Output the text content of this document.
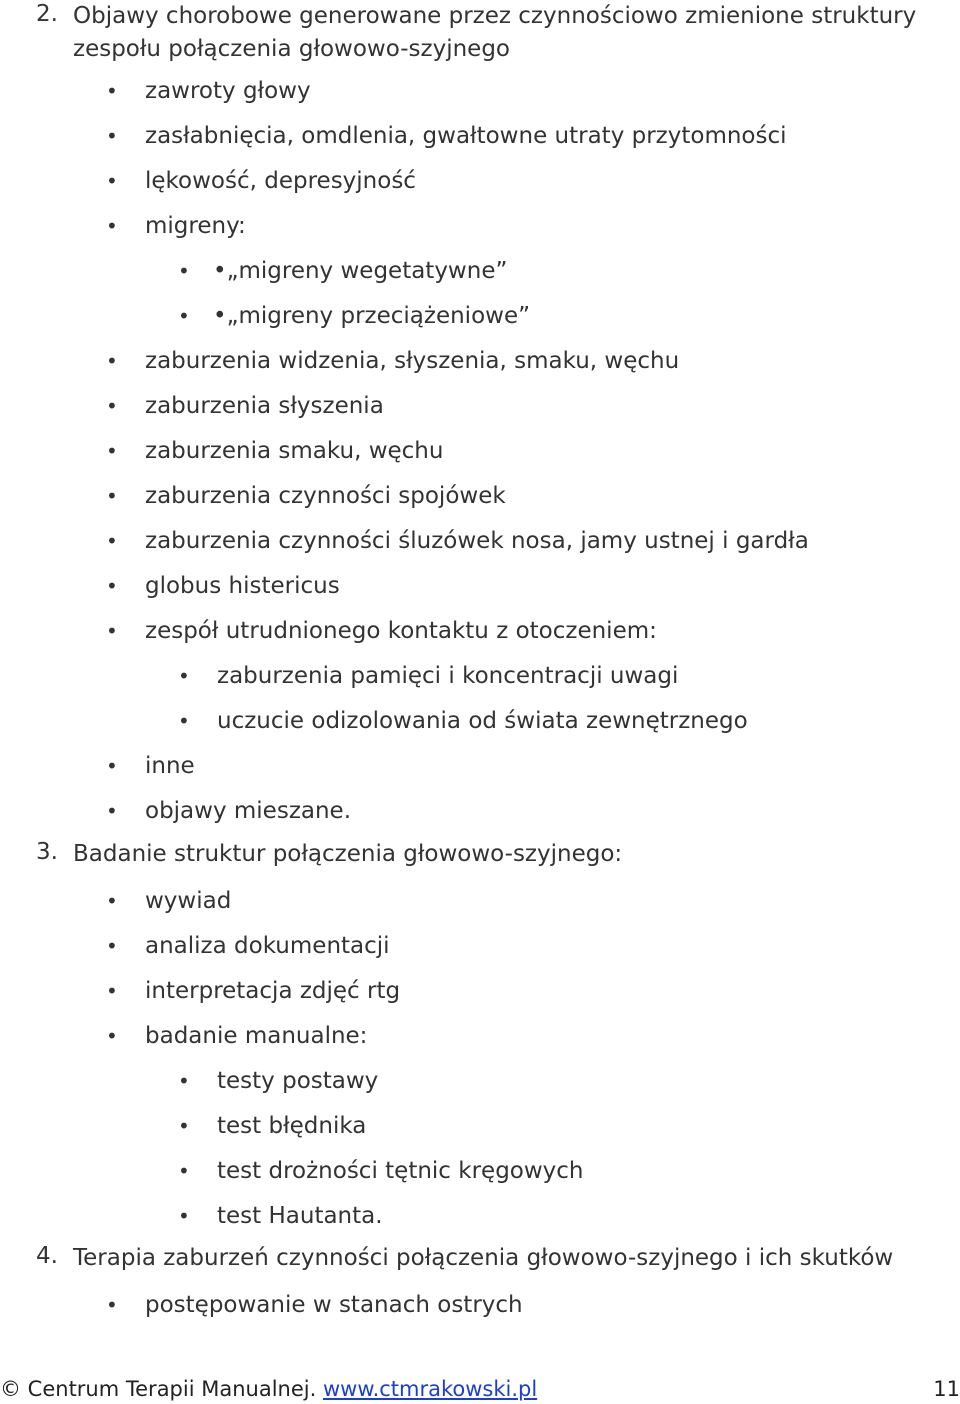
2. Objawy chorobowe generowane przez czynnościowo zmienione struktury zespołu połączenia głowowo-szyjnego
• zawroty głowy
• zasłabnięcia, omdlenia, gwałtowne utraty przytomności
• lękowość, depresyjność
• migreny:
• •„migreny wegetatywne”
• •„migreny przeciążeniowe”
• zaburzenia widzenia, słyszenia, smaku, węchu
• zaburzenia słyszenia
• zaburzenia smaku, węchu
• zaburzenia czynności spojówek
• zaburzenia czynności śluzówek nosa, jamy ustnej i gardła
• globus histericus
• zespół utrudnionego kontaktu z otoczeniem:
• zaburzenia pamięci i koncentracji uwagi
• uczucie odizolowania od świata zewnętrznego
• inne
• objawy mieszane.
3. Badanie struktur połączenia głowowo-szyjnego:
• wywiad
• analiza dokumentacji
• interpretacja zdjęć rtg
• badanie manualne:
• testy postawy
• test błędnika
• test drożności tętnic kręgowych
• test Hautanta.
4. Terapia zaburzeń czynności połączenia głowowo-szyjnego i ich skutków
• postępowanie w stanach ostrych
© Centrum Terapii Manualnej. www.ctmrakowski.pl	11
